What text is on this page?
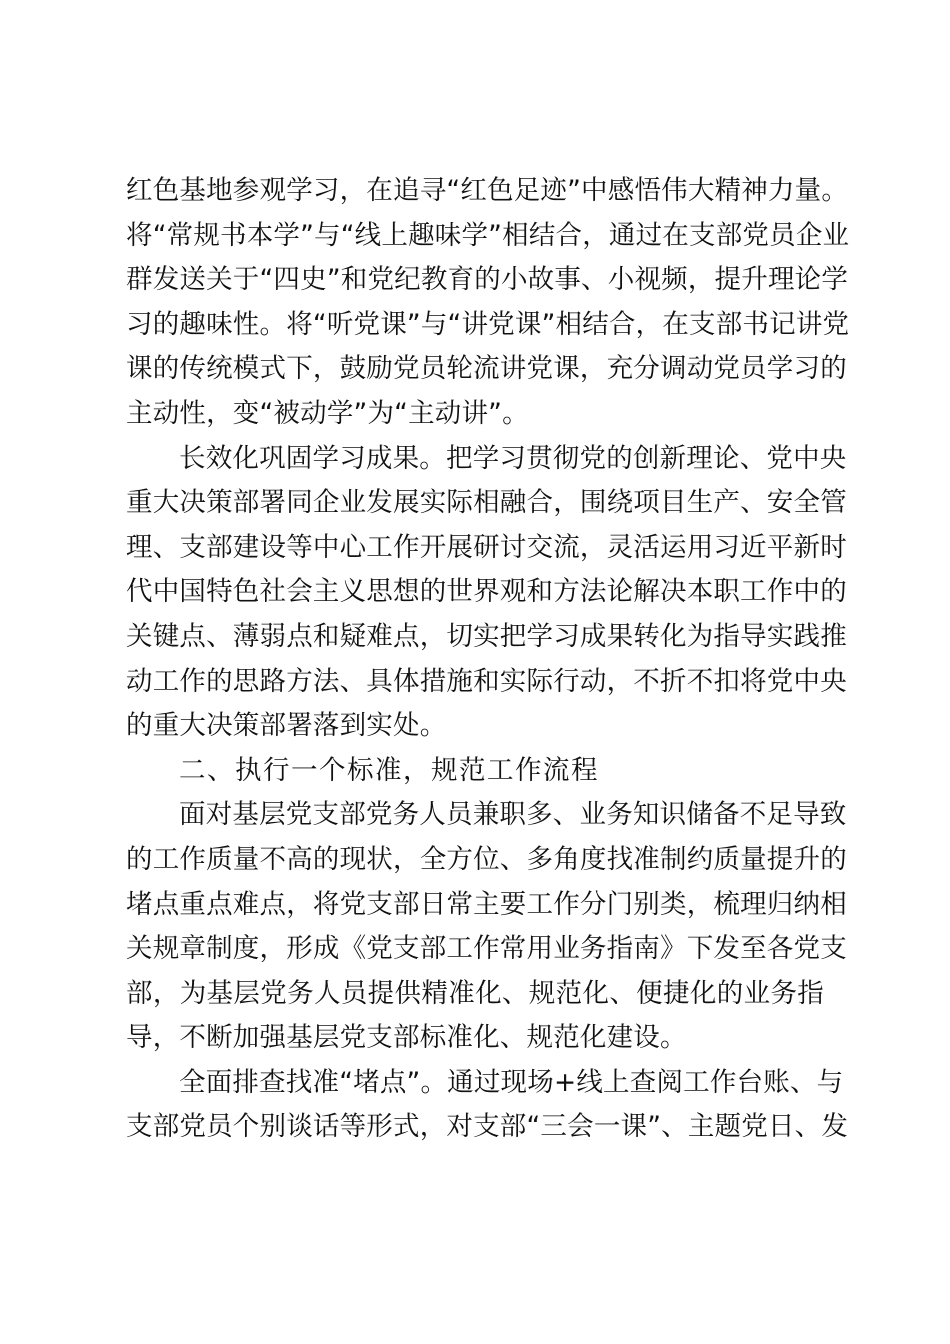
红色基地参观学习，在追寻“红色足迹”中感悟伟大精神力量。
将“常规书本学”与“线上趣味学”相结合，通过在支部党员企业
群发送关于“四史”和党纪教育的小故事、小视频，提升理论学
习的趣味性。将“听党课”与“讲党课”相结合，在支部书记讲党
课的传统模式下，鼓励党员轮流讲党课，充分调动党员学习的
主动性，变“被动学”为“主动讲”。
长效化巩固学习成果。把学习贯彻党的创新理论、党中央
重大决策部署同企业发展实际相融合，围绕项目生产、安全管
理、支部建设等中心工作开展研讨交流，灵活运用习近平新时
代中国特色社会主义思想的世界观和方法论解决本职工作中的
关键点、薄弱点和疑难点，切实把学习成果转化为指导实践推
动工作的思路方法、具体措施和实际行动，不折不扣将党中央
的重大决策部署落到实处。
二、执行一个标准，规范工作流程
面对基层党支部党务人员兼职多、业务知识储备不足导致
的工作质量不高的现状，全方位、多角度找准制约质量提升的
堵点重点难点，将党支部日常主要工作分门别类，梳理归纳相
关规章制度，形成《党支部工作常用业务指南》下发至各党支
部，为基层党务人员提供精准化、规范化、便捷化的业务指
导，不断加强基层党支部标准化、规范化建设。
全面排查找准“堵点”。通过现场+线上查阅工作台账、与
支部党员个别谈话等形式，对支部“三会一课”、主题党日、发
